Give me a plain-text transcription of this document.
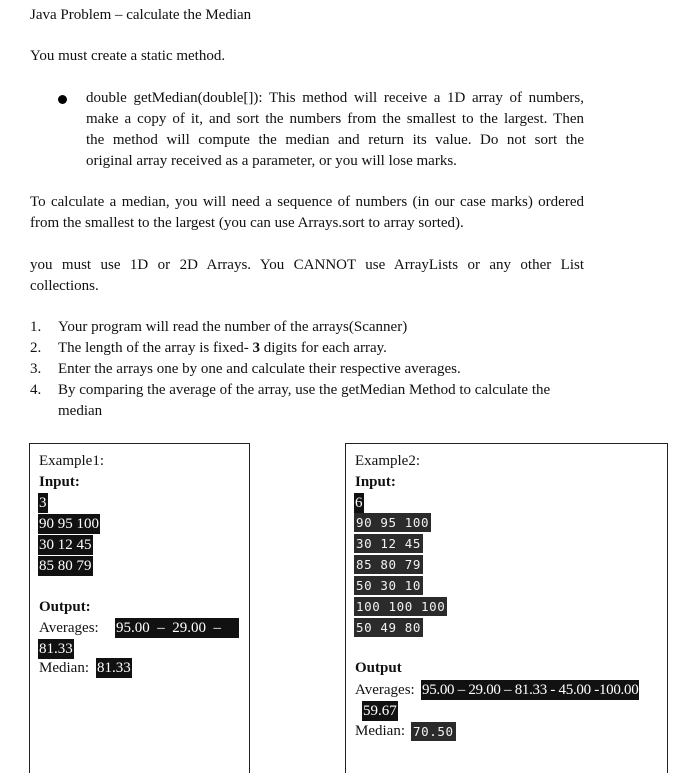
Java Problem – calculate the Median

You must create a static method.

double getMedian(double[]): This method will receive a 1D array of numbers,

make a copy of it, and sort the numbers from the smallest to the largest. Then

the method will compute the median and return its value. Do not sort the

original array received as a parameter, or you will lose marks.

To calculate a median, you will need a sequence of numbers (in our case marks) ordered

from the smallest to the largest (you can use Arrays.sort to array sorted).

you must use 1D or 2D Arrays. You CANNOT use ArrayLists or any other List

collections.

1. Your program will read the number of the arrays(Scanner)
2. The length of the array is fixed- 3 digits for each array.
3. Enter the arrays one by one and calculate their respective averages.
4. By comparing the average of the array, use the getMedian Method to calculate the
median
Example1:
Input:
3
90 95 100
30 12 45
85 80 79
Output:
Averages: 95.00  –  29.00  –
81.33
Median: 81.33
Example2:
Input:
6
90 95 100
30 12 45
85 80 79
50 30 10
100 100 100
50 49 80
Output
Averages: 95.00 – 29.00 – 81.33 - 45.00 -100.00
59.67
Median: 70.50
